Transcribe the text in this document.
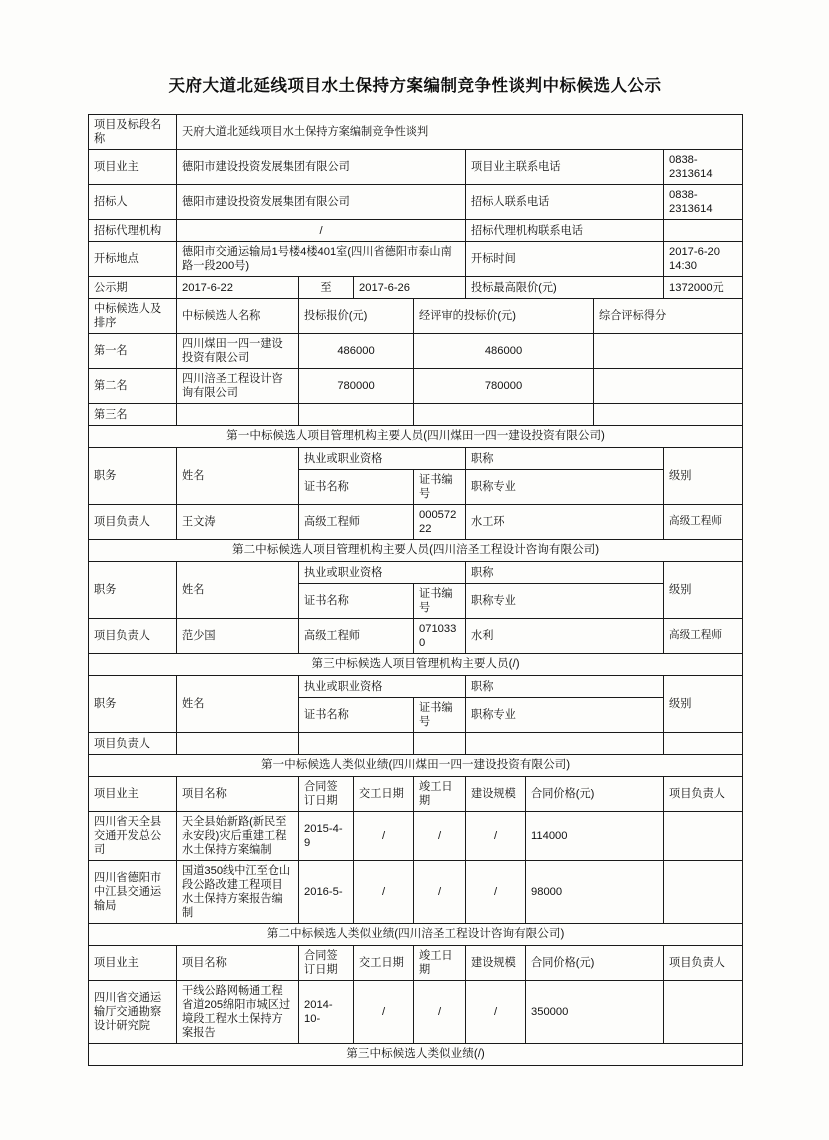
天府大道北延线项目水土保持方案编制竞争性谈判中标候选人公示
项目及标段名称	天府大道北延线项目水土保持方案编制竞争性谈判							
项目业主	德阳市建设投资发展集团有限公司				项目业主联系电话			0838-2313614
招标人	德阳市建设投资发展集团有限公司				招标人联系电话			0838-2313614
招标代理机构	/				招标代理机构联系电话			
开标地点	德阳市交通运输局1号楼4楼401室(四川省德阳市泰山南路一段200号)				开标时间			2017-6-20 14:30
公示期	2017-6-22	至	2017-6-26		投标最高限价(元)			1372000元
中标候选人及排序	中标候选人名称	投标报价(元)		经评审的投标价(元)			综合评标得分	
第一名	四川煤田一四一建设投资有限公司	486000		486000				
第二名	四川涪圣工程设计咨询有限公司	780000		780000				
第三名								
第一中标候选人项目管理机构主要人员(四川煤田一四一建设投资有限公司)								
职务	姓名	执业或职业资格			职称			级别
		证书名称		证书编号	职称专业			
项目负责人	王文涛	高级工程师		00057222	水工环			高级工程师
第二中标候选人项目管理机构主要人员(四川涪圣工程设计咨询有限公司)								
职务	姓名	执业或职业资格			职称			级别
		证书名称		证书编号	职称专业			
项目负责人	范少国	高级工程师		0710330	水利			高级工程师
第三中标候选人项目管理机构主要人员(/)								
职务	姓名	执业或职业资格			职称			级别
		证书名称		证书编号	职称专业			
项目负责人								
第一中标候选人类似业绩(四川煤田一四一建设投资有限公司)								
项目业主	项目名称	合同签订日期	交工日期	竣工日期	建设规模	合同价格(元)		项目负责人
四川省天全县交通开发总公司	天全县始新路(新民至永安段)灾后重建工程水土保持方案编制	2015-4-9	/	/	/	114000		
四川省德阳市中江县交通运输局	国道350线中江至仓山段公路改建工程项目水土保持方案报告编制	2016-5-	/	/	/	98000		
第二中标候选人类似业绩(四川涪圣工程设计咨询有限公司)								
项目业主	项目名称	合同签订日期	交工日期	竣工日期	建设规模	合同价格(元)		项目负责人
四川省交通运输厅交通勘察设计研究院	干线公路网畅通工程省道205绵阳市城区过境段工程水土保持方案报告	2014-10-	/	/	/	350000		
第三中标候选人类似业绩(/)								
